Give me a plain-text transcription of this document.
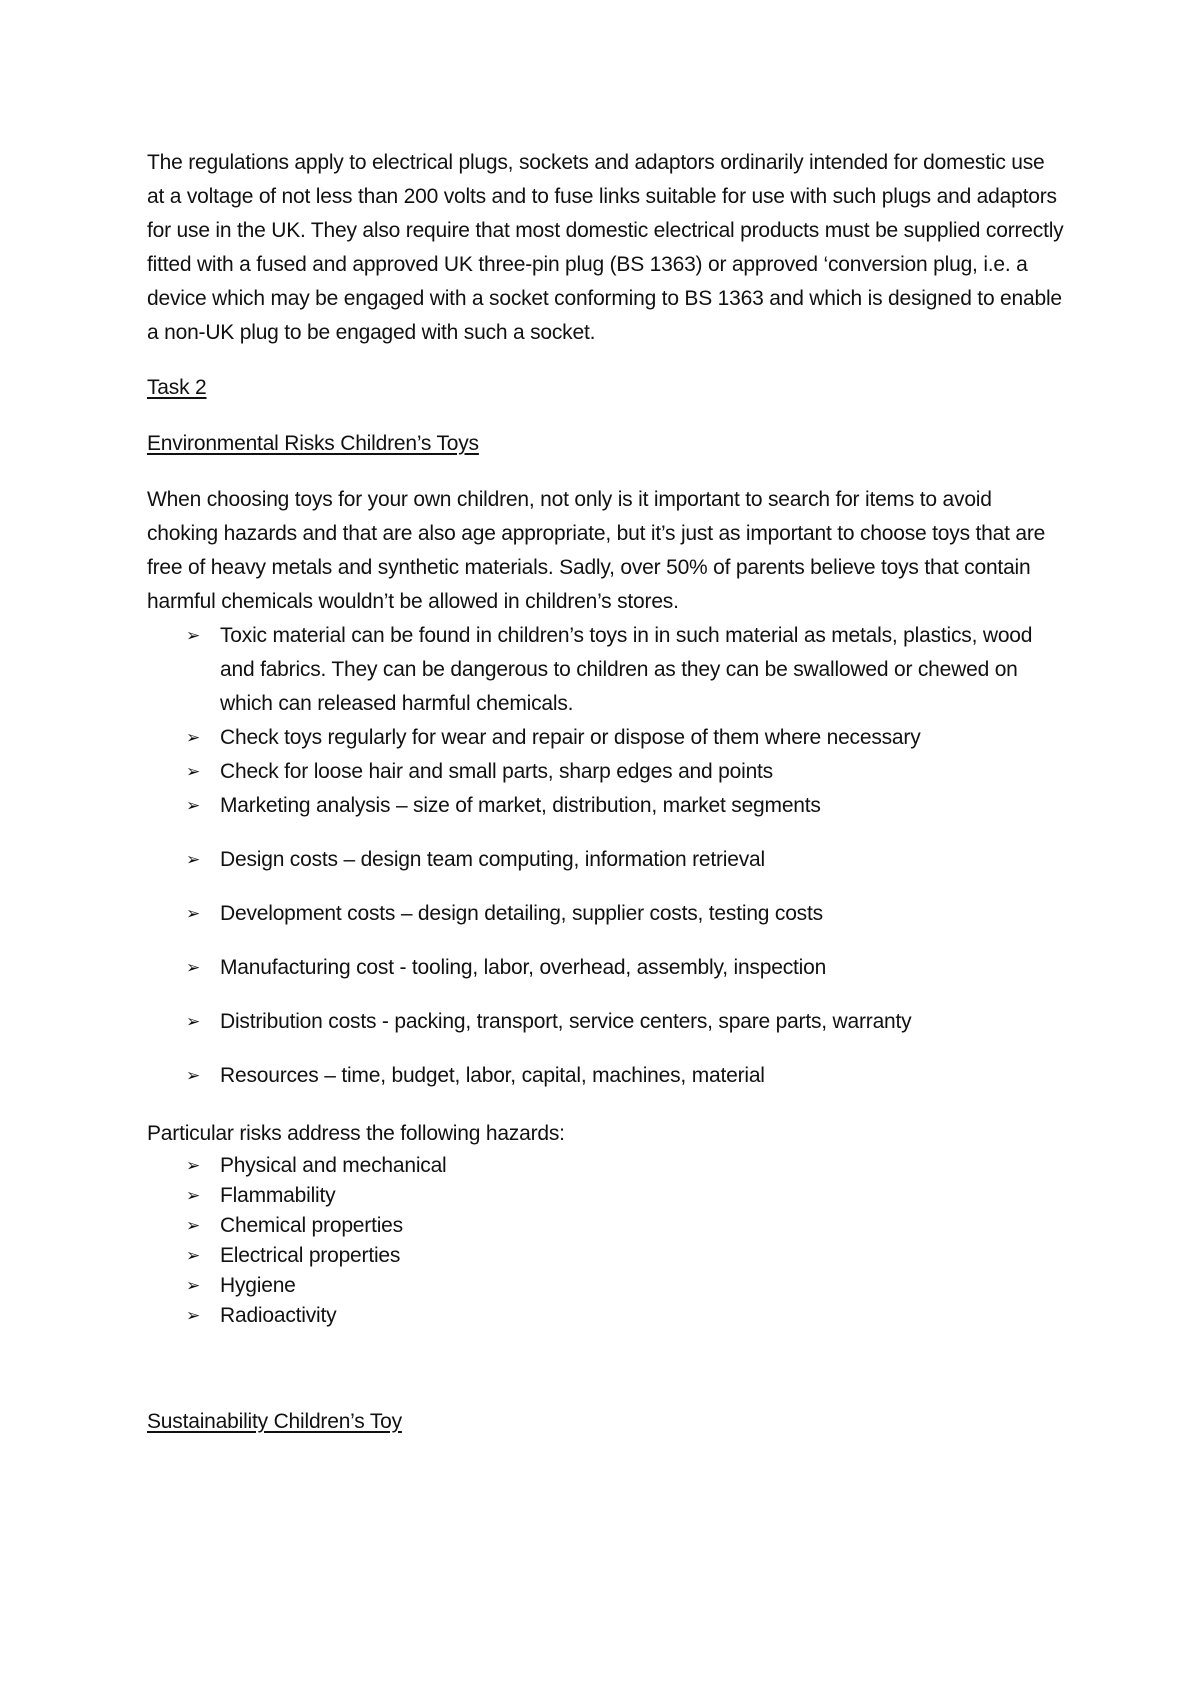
The regulations apply to electrical plugs, sockets and adaptors ordinarily intended for domestic use at a voltage of not less than 200 volts and to fuse links suitable for use with such plugs and adaptors for use in the UK. They also require that most domestic electrical products must be supplied correctly fitted with a fused and approved UK three-pin plug (BS 1363) or approved ‘conversion plug, i.e. a device which may be engaged with a socket conforming to BS 1363 and which is designed to enable a non-UK plug to be engaged with such a socket.

Task 2

Environmental Risks Children’s Toys

When choosing toys for your own children, not only is it important to search for items to avoid choking hazards and that are also age appropriate, but it’s just as important to choose toys that are free of heavy metals and synthetic materials. Sadly, over 50% of parents believe toys that contain harmful chemicals wouldn’t be allowed in children’s stores.

➢ Toxic material can be found in children’s toys in in such material as metals, plastics, wood and fabrics. They can be dangerous to children as they can be swallowed or chewed on which can released harmful chemicals.
➢ Check toys regularly for wear and repair or dispose of them where necessary
➢ Check for loose hair and small parts, sharp edges and points
➢ Marketing analysis – size of market, distribution, market segments
➢ Design costs – design team computing, information retrieval
➢ Development costs – design detailing, supplier costs, testing costs
➢ Manufacturing cost - tooling, labor, overhead, assembly, inspection
➢ Distribution costs - packing, transport, service centers, spare parts, warranty
➢ Resources – time, budget, labor, capital, machines, material

Particular risks address the following hazards:

➢ Physical and mechanical
➢ Flammability
➢ Chemical properties
➢ Electrical properties
➢ Hygiene
➢ Radioactivity

Sustainability Children’s Toy
